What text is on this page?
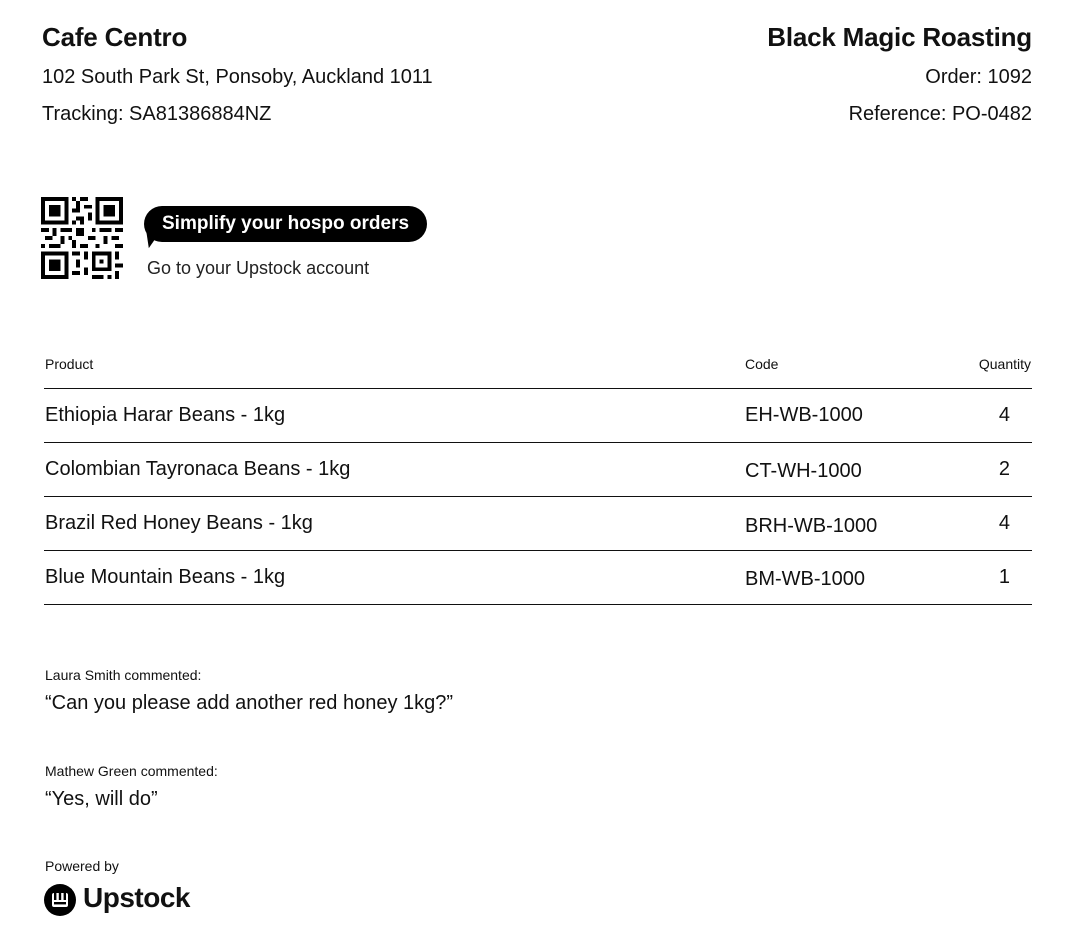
Cafe Centro
102 South Park St, Ponsoby, Auckland 1011
Tracking: SA81386884NZ
Black Magic Roasting
Order: 1092
Reference: PO-0482
Simplify your hospo orders
Go to your Upstock account
Product	Code	Quantity
Ethiopia Harar Beans - 1kg	EH-WB-1000	4
Colombian Tayronaca Beans - 1kg	CT-WH-1000	2
Brazil Red Honey Beans - 1kg	BRH-WB-1000	4
Blue Mountain Beans - 1kg	BM-WB-1000	1
Laura Smith commented:
“Can you please add another red honey 1kg?”
Mathew Green commented:
“Yes, will do”
Powered by
Upstock
